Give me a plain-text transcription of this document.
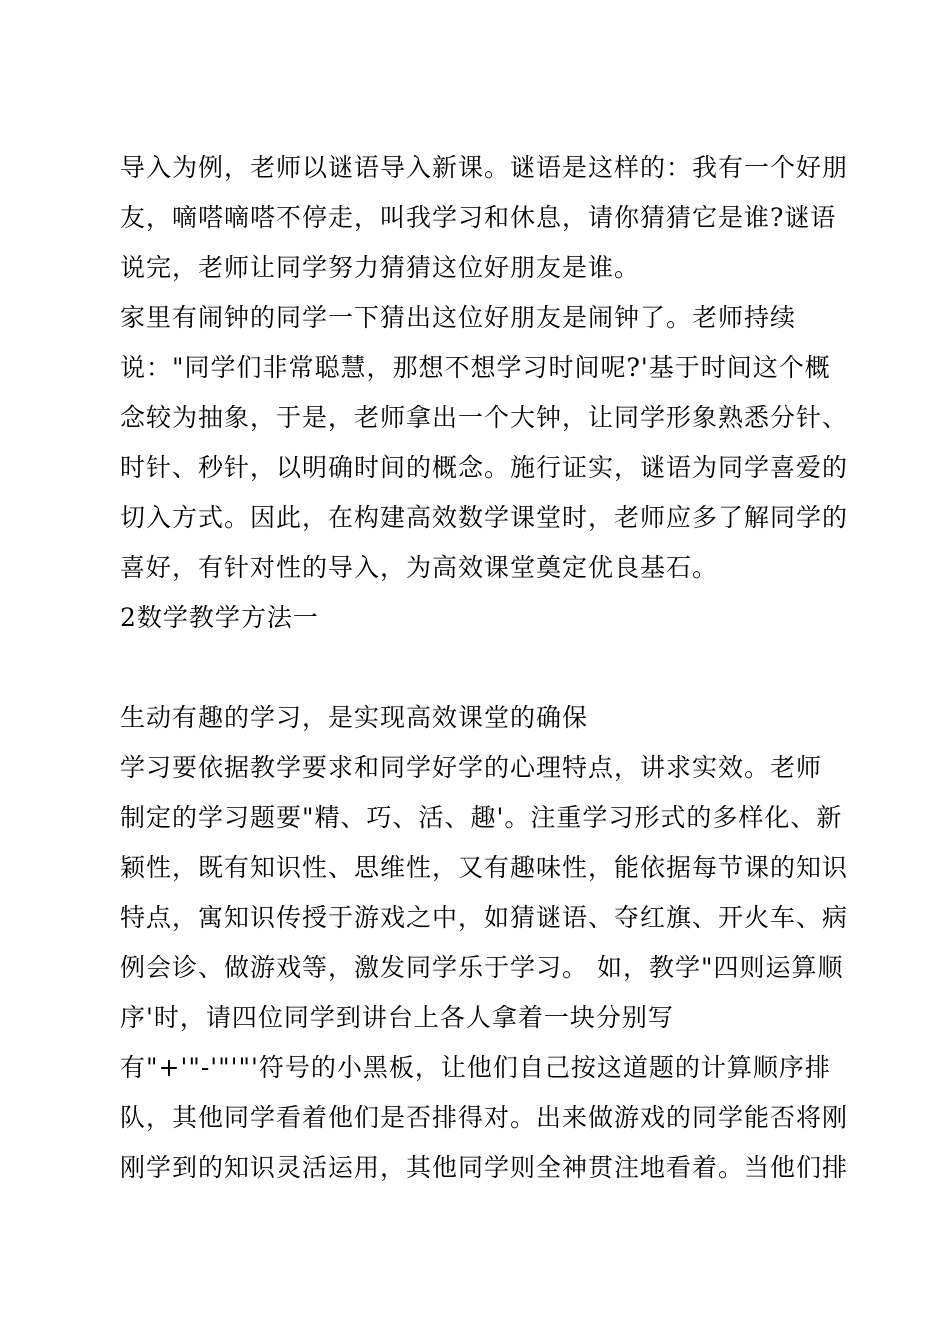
导入为例，老师以谜语导入新课。谜语是这样的：我有一个好朋
友，嘀嗒嘀嗒不停走，叫我学习和休息，请你猜猜它是谁?谜语
说完，老师让同学努力猜猜这位好朋友是谁。
家里有闹钟的同学一下猜出这位好朋友是闹钟了。老师持续
说："同学们非常聪慧，那想不想学习时间呢?'基于时间这个概
念较为抽象，于是，老师拿出一个大钟，让同学形象熟悉分针、
时针、秒针，以明确时间的概念。施行证实，谜语为同学喜爱的
切入方式。因此，在构建高效数学课堂时，老师应多了解同学的
喜好，有针对性的导入，为高效课堂奠定优良基石。
2数学教学方法一
生动有趣的学习，是实现高效课堂的确保
学习要依据教学要求和同学好学的心理特点，讲求实效。老师
制定的学习题要"精、巧、活、趣'。注重学习形式的多样化、新
颖性，既有知识性、思维性，又有趣味性，能依据每节课的知识
特点，寓知识传授于游戏之中，如猜谜语、夺红旗、开火车、病
例会诊、做游戏等，激发同学乐于学习。 如，教学"四则运算顺
序'时，请四位同学到讲台上各人拿着一块分别写
有"+'"-'"'"'符号的小黑板，让他们自己按这道题的计算顺序排
队，其他同学看着他们是否排得对。出来做游戏的同学能否将刚
刚学到的知识灵活运用，其他同学则全神贯注地看着。当他们排
